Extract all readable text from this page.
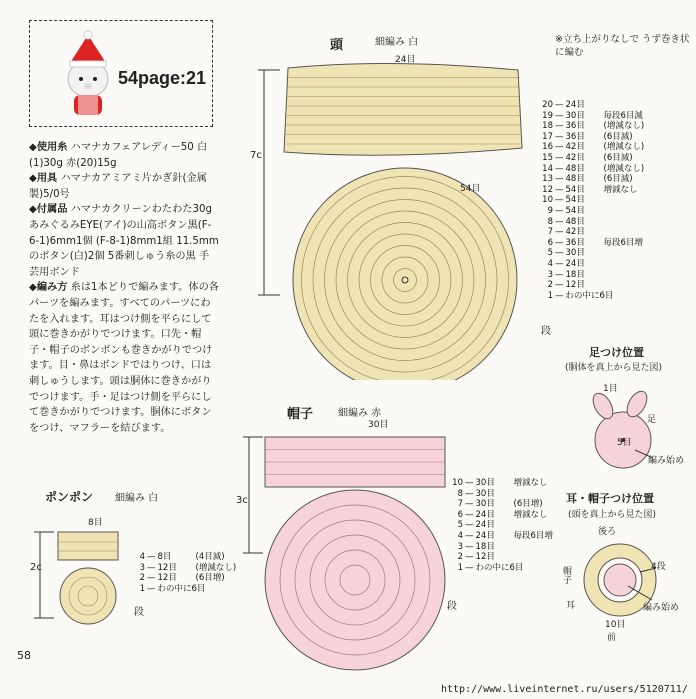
54page:21

◆使用糸 ハマナカフェアレディー50 白(1)30g 赤(20)15g

◆用具 ハマナカアミアミ片かぎ針(金属製)5/0号

◆付属品 ハマナカクリーンわたわた30g あみぐるみEYE(アイ)の山高ボタン黒(F-6-1)6mm1個 (F-8-1)8mm1組 11.5mmのボタン(白)2個 5番刺しゅう糸の黒 手芸用ボンド

◆編み方 糸は1本どりで編みます。体の各パーツを編みます。すべてのパーツにわたを入れます。耳はつけ側を平らにして頭に巻きかがりでつけます。口先・帽子・帽子のボンボンも巻きかがりでつけます。目・鼻はボンドではりつけ、口は刺しゅうします。頭は胴体に巻きかがりでつけます。手・足はつけ側を平らにして巻きかがりでつけます。胴体にボタンをつけ、マフラーを結びます。

頭	細編み 白
24目
54目
7c
※立ち上がりなしで うず巻き状に編む
20 — 24目
19 — 30目	毎段6目減
18 — 36目	(増減なし)
17 — 36目	(6目減)
16 — 42目	(増減なし)
15 — 42目	(6目減)
14 — 48目	(増減なし)
13 — 48目	(6目減)
12 — 54目	増減なし
10 — 54目
9 — 54目
8 — 48目
7 — 42目
6 — 36目	毎段6目増
5 — 30目
4 — 24目
3 — 18目
2 — 12目
1 — わの中に6目
段
足つけ位置
(胴体を真上から見た図)
1目
足
5目
編み始め
帽子 細編み 赤
30目
3c
10 — 30目	増減なし
8 — 30目
7 — 30目	(6目増)
6 — 24目	増減なし
5 — 24目
4 — 24目	毎段6目増
3 — 18目
2 — 12目
1 — わの中に6目
段
ポンポン 細編み 白
8目
2c
4 — 8目	(4目減)
3 — 12目	(増減なし)
2 — 12目	(6目増)
1 — わの中に6目
段
耳・帽子つけ位置
(頭を真上から見た図)
後ろ
4段
帽子
耳	編み始め
10目
前
58
http://www.liveinternet.ru/users/5120711/
